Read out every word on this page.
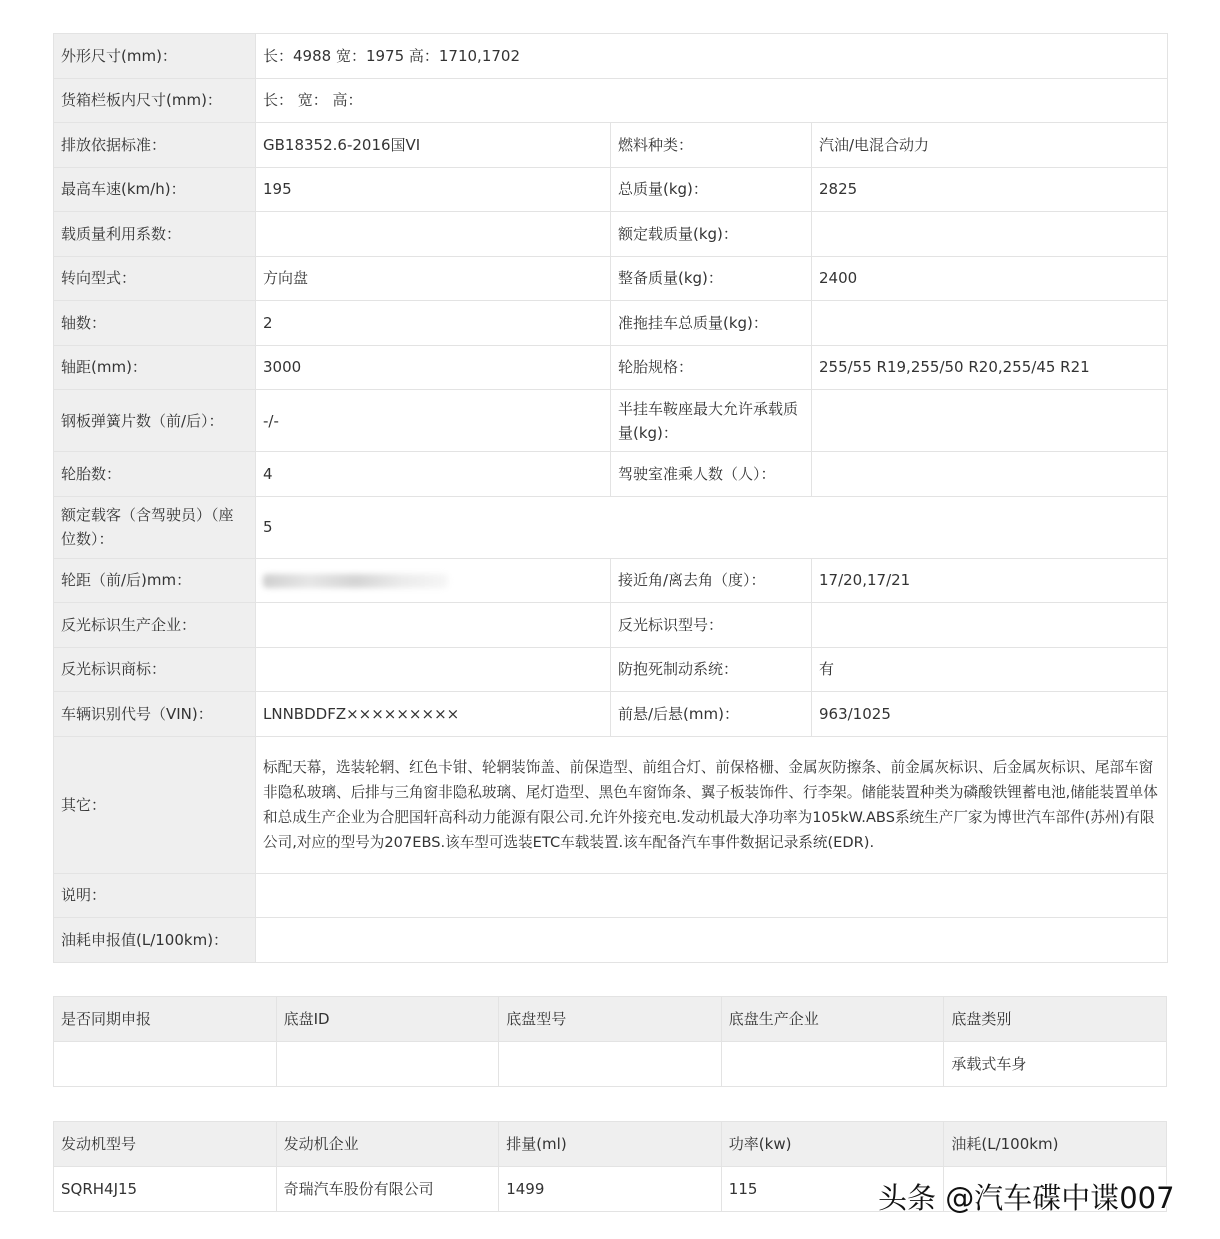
外形尺寸(mm)：	长：4988 宽：1975 高：1710,1702		
货箱栏板内尺寸(mm)：	长： 宽： 高：		
排放依据标准：	GB18352.6-2016国VI	燃料种类：	汽油/电混合动力
最高车速(km/h)：	195	总质量(kg)：	2825
载质量利用系数：		额定载质量(kg)：	
转向型式：	方向盘	整备质量(kg)：	2400
轴数：	2	准拖挂车总质量(kg)：	
轴距(mm)：	3000	轮胎规格：	255/55 R19,255/50 R20,255/45 R21
钢板弹簧片数（前/后）：	-/-	半挂车鞍座最大允许承载质量(kg)：	
轮胎数：	4	驾驶室准乘人数（人）：	
额定载客（含驾驶员）（座位数）：	5		
轮距（前/后)mm：		接近角/离去角（度）：	17/20,17/21
反光标识生产企业：		反光标识型号：	
反光标识商标：		防抱死制动系统：	有
车辆识别代号（VIN)：	LNNBDDFZ×××××××××	前悬/后悬(mm)：	963/1025
其它：	标配天幕，选装轮辋、红色卡钳、轮辋装饰盖、前保造型、前组合灯、前保格栅、金属灰防擦条、前金属灰标识、后金属灰标识、尾部车窗非隐私玻璃、后排与三角窗非隐私玻璃、尾灯造型、黑色车窗饰条、翼子板装饰件、行李架。储能装置种类为磷酸铁锂蓄电池,储能装置单体和总成生产企业为合肥国轩高科动力能源有限公司.允许外接充电.发动机最大净功率为105kW.ABS系统生产厂家为博世汽车部件(苏州)有限公司,对应的型号为207EBS.该车型可选装ETC车载装置.该车配备汽车事件数据记录系统(EDR).		
说明：			
油耗申报值(L/100km)：			
是否同期申报	底盘ID	底盘型号	底盘生产企业	底盘类别
				承载式车身
发动机型号	发动机企业	排量(ml)	功率(kw)	油耗(L/100km)
SQRH4J15	奇瑞汽车股份有限公司	1499	115		头条 @汽车碟中谍007
